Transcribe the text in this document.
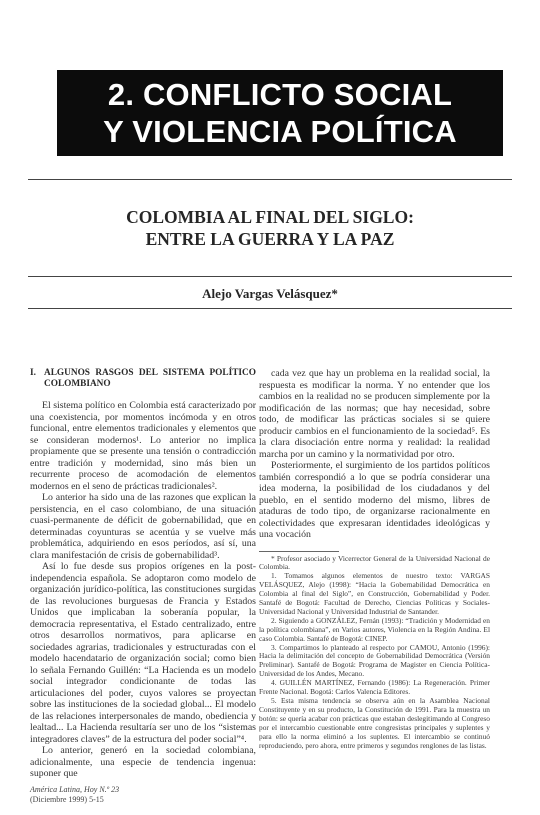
2. CONFLICTO SOCIAL
Y VIOLENCIA POLÍTICA
COLOMBIA AL FINAL DEL SIGLO:
ENTRE LA GUERRA Y LA PAZ
Alejo Vargas Velásquez*
I. ALGUNOS RASGOS DEL SISTEMA POLÍTICO COLOMBIANO

El sistema político en Colombia está caracterizado por una coexistencia, por momentos incómoda y en otros funcional, entre elementos tradicionales y elementos que se consideran modernos¹. Lo anterior no implica propiamente que se presente una tensión o contradicción entre tradición y modernidad, sino más bien un recurrente proceso de acomodación de elementos modernos en el seno de prácticas tradicionales².

Lo anterior ha sido una de las razones que explican la persistencia, en el caso colombiano, de una situación cuasi-permanente de déficit de gobernabilidad, que en determinadas coyunturas se acentúa y se vuelve más problemática, adquiriendo en esos períodos, así sí, una clara manifestación de crisis de gobernabilidad³.

Así lo fue desde sus propios orígenes en la post-independencia española. Se adoptaron como modelo de organización jurídico-política, las constituciones surgidas de las revoluciones burguesas de Francia y Estados Unidos que implicaban la soberanía popular, la democracia representativa, el Estado centralizado, entre otros desarrollos normativos, para aplicarse en sociedades agrarias, tradicionales y estructuradas con el modelo hacendatario de organización social; como bien lo señala Fernando Guillén: “La Hacienda es un modelo social integrador condicionante de todas las articulaciones del poder, cuyos valores se proyectan sobre las instituciones de la sociedad global... El modelo de las relaciones interpersonales de mando, obediencia y lealtad... La Hacienda resultaría ser uno de los “sistemas integradores claves” de la estructura del poder social”⁴.

Lo anterior, generó en la sociedad colombiana, adicionalmente, una especie de tendencia ingenua: suponer que

cada vez que hay un problema en la realidad social, la respuesta es modificar la norma. Y no entender que los cambios en la realidad no se producen simplemente por la modificación de las normas; que hay necesidad, sobre todo, de modificar las prácticas sociales si se quiere producir cambios en el funcionamiento de la sociedad⁵. Es la clara disociación entre norma y realidad: la realidad marcha por un camino y la normatividad por otro.

Posteriormente, el surgimiento de los partidos políticos también correspondió a lo que se podría considerar una idea moderna, la posibilidad de los ciudadanos y del pueblo, en el sentido moderno del mismo, libres de ataduras de todo tipo, de organizarse racionalmente en colectividades que expresaran identidades ideológicas y una vocación

* Profesor asociado y Vicerrector General de la Universidad Nacional de Colombia.

1. Tomamos algunos elementos de nuestro texto: VARGAS VELÁSQUEZ, Alejo (1998): “Hacia la Gobernabilidad Democrática en Colombia al final del Siglo”, en Construcción, Gobernabilidad y Poder. Santafé de Bogotá: Facultad de Derecho, Ciencias Políticas y Sociales-Universidad Nacional y Universidad Industrial de Santander.

2. Siguiendo a GONZÁLEZ, Fernán (1993): “Tradición y Modernidad en la política colombiana”, en Varios autores, Violencia en la Región Andina. El caso Colombia. Santafé de Bogotá: CINEP.

3. Compartimos lo planteado al respecto por CAMOU, Antonio (1996): Hacia la delimitación del concepto de Gobernabilidad Democrática (Versión Preliminar). Santafé de Bogotá: Programa de Magister en Ciencia Política-Universidad de los Andes, Mecano.

4. GUILLÉN MARTÍNEZ, Fernando (1986): La Regeneración. Primer Frente Nacional. Bogotá: Carlos Valencia Editores.

5. Esta misma tendencia se observa aún en la Asamblea Nacional Constituyente y en su producto, la Constitución de 1991. Para la muestra un botón: se quería acabar con prácticas que estaban deslegitimando al Congreso por el intercambio cuestionable entre congresistas principales y suplentes y para ello la norma eliminó a los suplentes. El intercambio se continuó reproduciendo, pero ahora, entre primeros y segundos renglones de las listas.

América Latina, Hoy N.º 23
(Diciembre 1999) 5-15
